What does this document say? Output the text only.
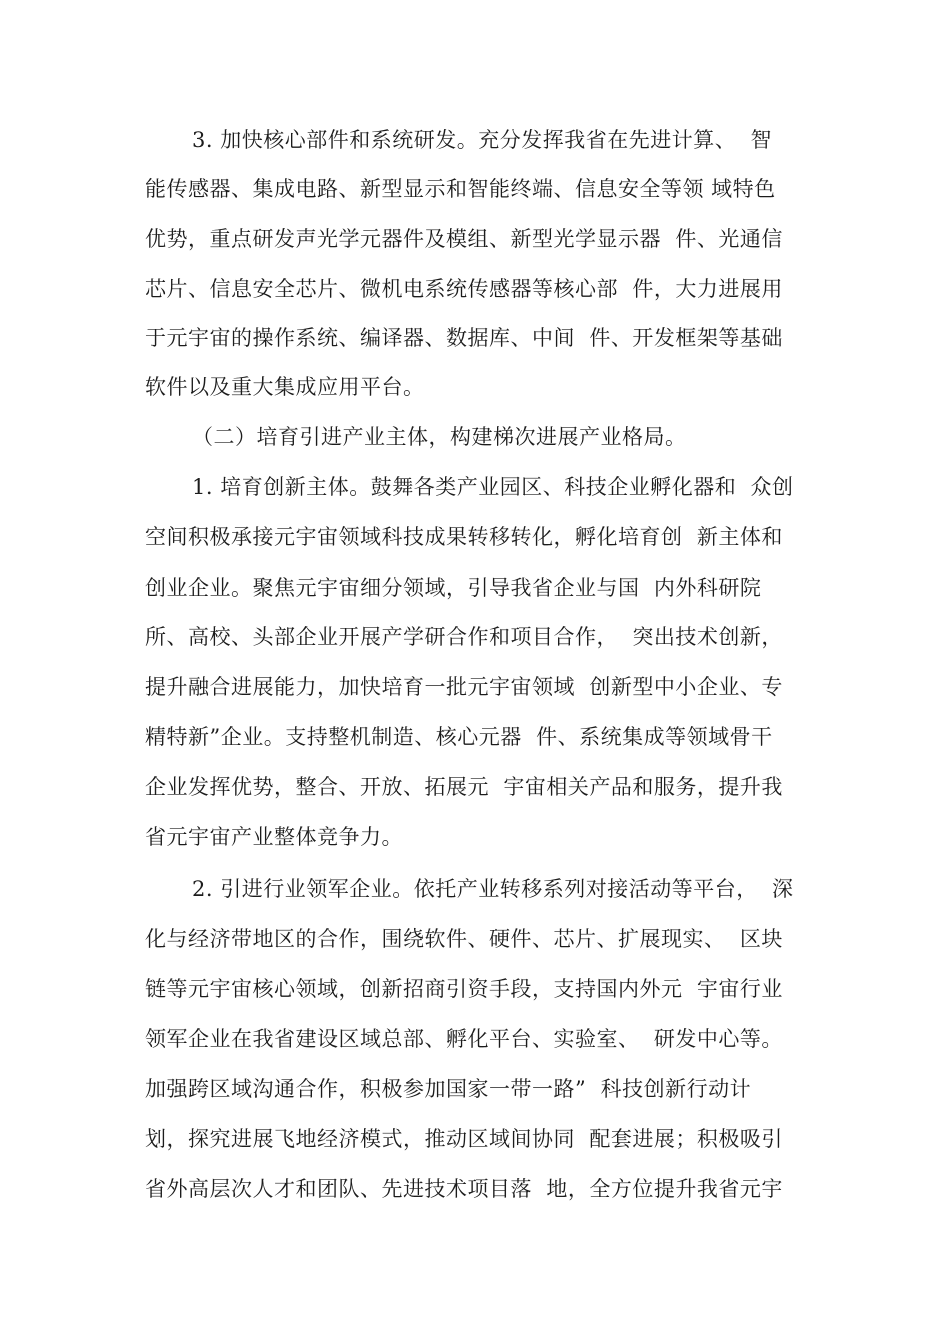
3. 加快核心部件和系统研发。充分发挥我省在先进计算、  智
能传感器、集成电路、新型显示和智能终端、信息安全等领 域特色
优势，重点研发声光学元器件及模组、新型光学显示器  件、光通信
芯片、信息安全芯片、微机电系统传感器等核心部  件，大力进展用
于元宇宙的操作系统、编译器、数据库、中间  件、开发框架等基础
软件以及重大集成应用平台。
（二）培育引进产业主体，构建梯次进展产业格局。
1. 培育创新主体。鼓舞各类产业园区、科技企业孵化器和  众创
空间积极承接元宇宙领域科技成果转移转化，孵化培育创  新主体和
创业企业。聚焦元宇宙细分领域，引导我省企业与国  内外科研院
所、高校、头部企业开展产学研合作和项目合作，  突出技术创新，
提升融合进展能力，加快培育一批元宇宙领域  创新型中小企业、专
精特新”企业。支持整机制造、核心元器  件、系统集成等领域骨干
企业发挥优势，整合、开放、拓展元  宇宙相关产品和服务，提升我
省元宇宙产业整体竞争力。
2. 引进行业领军企业。依托产业转移系列对接活动等平台，  深
化与经济带地区的合作，围绕软件、硬件、芯片、扩展现实、  区块
链等元宇宙核心领域，创新招商引资手段，支持国内外元  宇宙行业
领军企业在我省建设区域总部、孵化平台、实验室、  研发中心等。
加强跨区域沟通合作，积极参加国家一带一路”  科技创新行动计
划，探究进展飞地经济模式，推动区域间协同  配套进展；积极吸引
省外高层次人才和团队、先进技术项目落  地，全方位提升我省元宇
